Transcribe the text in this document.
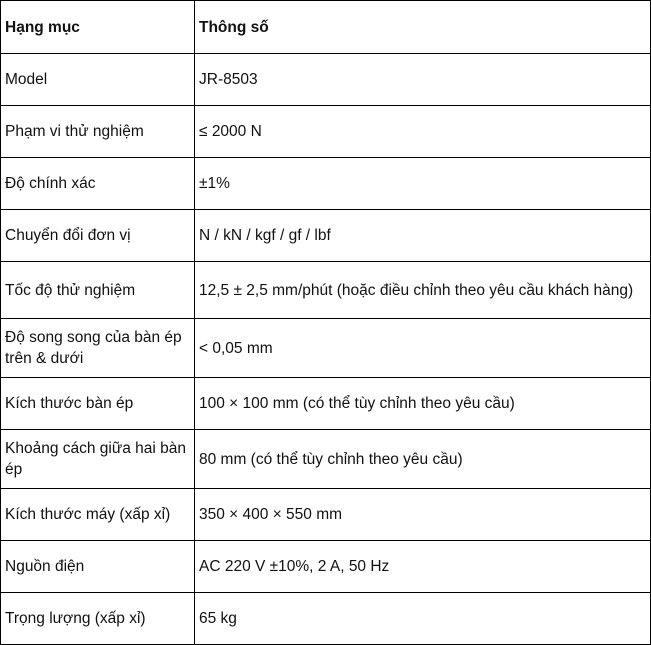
Hạng mục	Thông số
Model	JR-8503
Phạm vi thử nghiệm	≤ 2000 N
Độ chính xác	±1%
Chuyển đổi đơn vị	N / kN / kgf / gf / lbf
Tốc độ thử nghiệm	12,5 ± 2,5 mm/phút (hoặc điều chỉnh theo yêu cầu khách hàng)
Độ song song của bàn ép trên & dưới	< 0,05 mm
Kích thước bàn ép	100 × 100 mm (có thể tùy chỉnh theo yêu cầu)
Khoảng cách giữa hai bàn ép	80 mm (có thể tùy chỉnh theo yêu cầu)
Kích thước máy (xấp xỉ)	350 × 400 × 550 mm
Nguồn điện	AC 220 V ±10%, 2 A, 50 Hz
Trọng lượng (xấp xỉ)	65 kg
